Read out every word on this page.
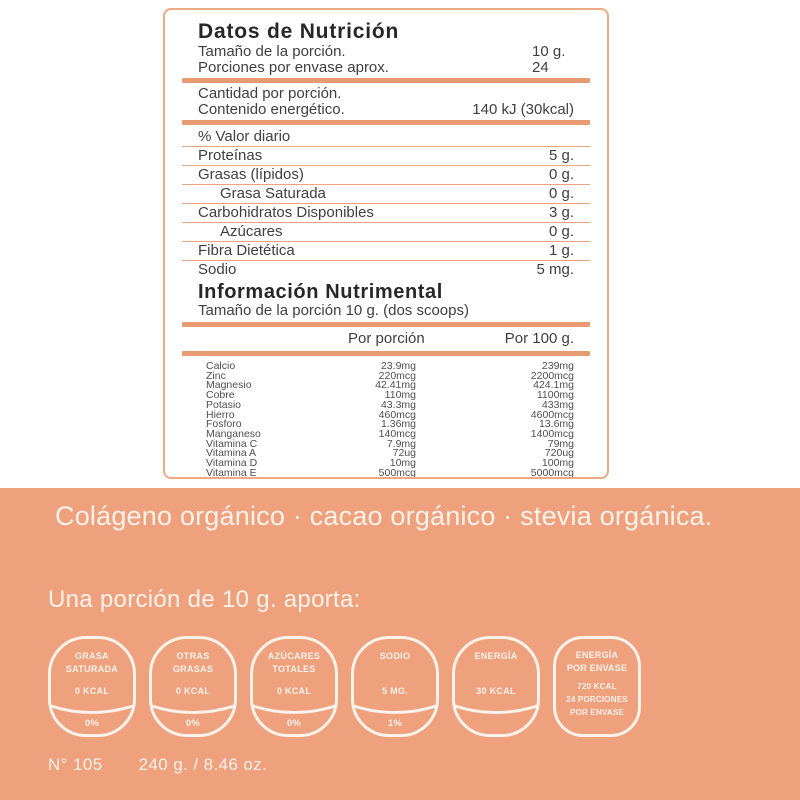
Datos de Nutrición
Tamaño de la porción.	10 g.
Porciones por envase aprox.	24
Cantidad por porción.
Contenido energético.	140 kJ (30kcal)
% Valor diario
Proteínas	5 g.
Grasas (lípidos)	0 g.
Grasa Saturada	0 g.
Carbohidratos Disponibles	3 g.
Azúcares	0 g.
Fibra Dietética	1 g.
Sodio	5 mg.
Información Nutrimental
Tamaño de la porción 10 g. (dos scoops)
Por porción	Por 100 g.
Calcio	23.9mg	239mg
Zinc	220mcg	2200mcg
Magnesio	42.41mg	424.1mg
Cobre	110mg	1100mg
Potasio	43.3mg	433mg
Hierro	460mcg	4600mcg
Fosforo	1.36mg	13.6mg
Manganeso	140mcg	1400mcg
Vitamina C	7.9mg	79mg
Vitamina A	72ug	720ug
Vitamina D	10mg	100mg
Vitamina E	500mcg	5000mcg
Colágeno orgánico · cacao orgánico · stevia orgánica.
Una porción de 10 g. aporta:
GRASA
SATURADA
0 KCAL
0%
OTRAS
GRASAS
0 KCAL
0%
AZÚCARES
TOTALES
0 KCAL
0%
SODIO
5 MG.
1%
ENERGÍA
30 KCAL
ENERGÍA
POR ENVASE
720 KCAL
24 PORCIONES
POR ENVASE
N° 105 240 g. / 8.46 oz.
